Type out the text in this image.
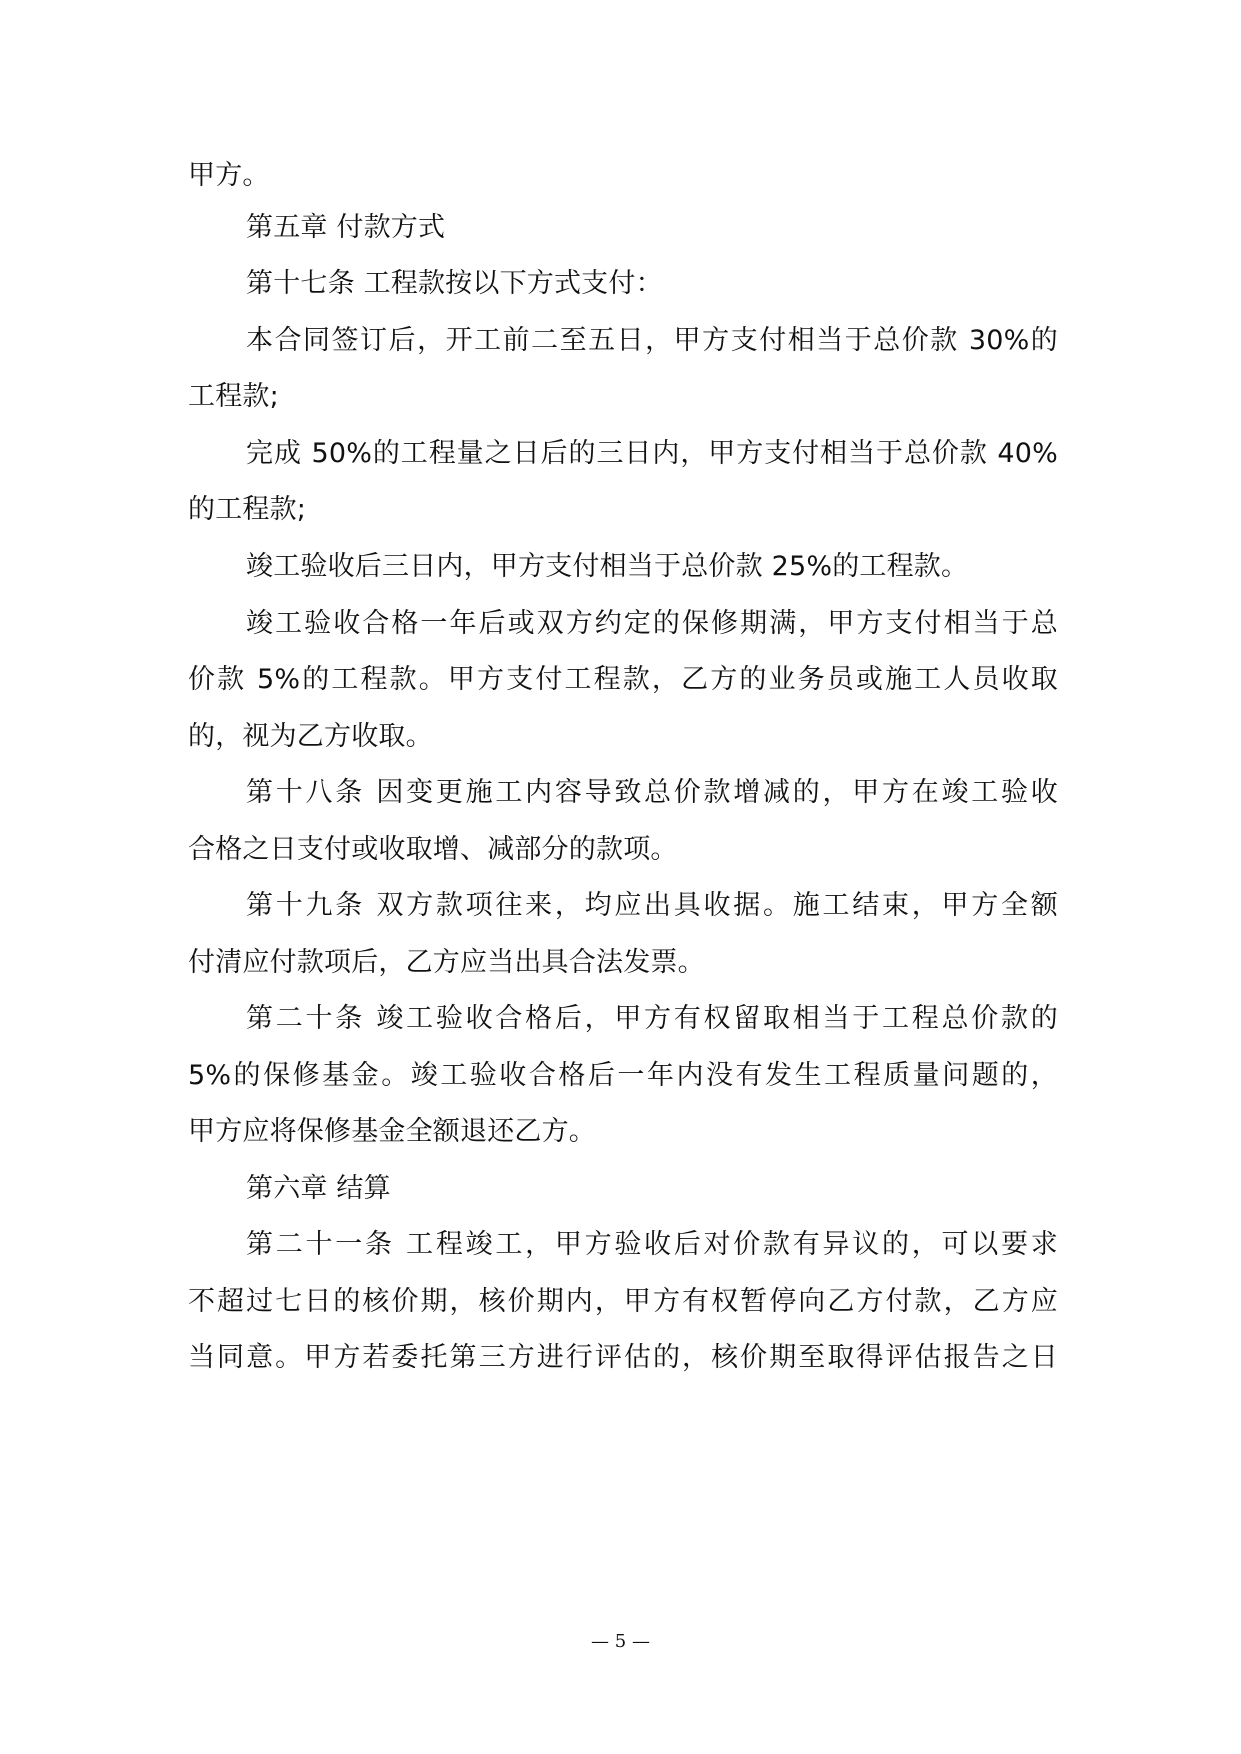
甲方。
第五章 付款方式
第十七条 工程款按以下方式支付：
本合同签订后，开工前二至五日，甲方支付相当于总价款 30%的
工程款;
完成 50%的工程量之日后的三日内，甲方支付相当于总价款 40%
的工程款;
竣工验收后三日内，甲方支付相当于总价款 25%的工程款。
竣工验收合格一年后或双方约定的保修期满，甲方支付相当于总
价款 5%的工程款。甲方支付工程款，乙方的业务员或施工人员收取
的，视为乙方收取。
第十八条 因变更施工内容导致总价款增减的，甲方在竣工验收
合格之日支付或收取增、减部分的款项。
第十九条 双方款项往来，均应出具收据。施工结束，甲方全额
付清应付款项后，乙方应当出具合法发票。
第二十条 竣工验收合格后，甲方有权留取相当于工程总价款的
5%的保修基金。竣工验收合格后一年内没有发生工程质量问题的，
甲方应将保修基金全额退还乙方。
第六章 结算
第二十一条 工程竣工，甲方验收后对价款有异议的，可以要求
不超过七日的核价期，核价期内，甲方有权暂停向乙方付款，乙方应
当同意。甲方若委托第三方进行评估的，核价期至取得评估报告之日
— 5 —
